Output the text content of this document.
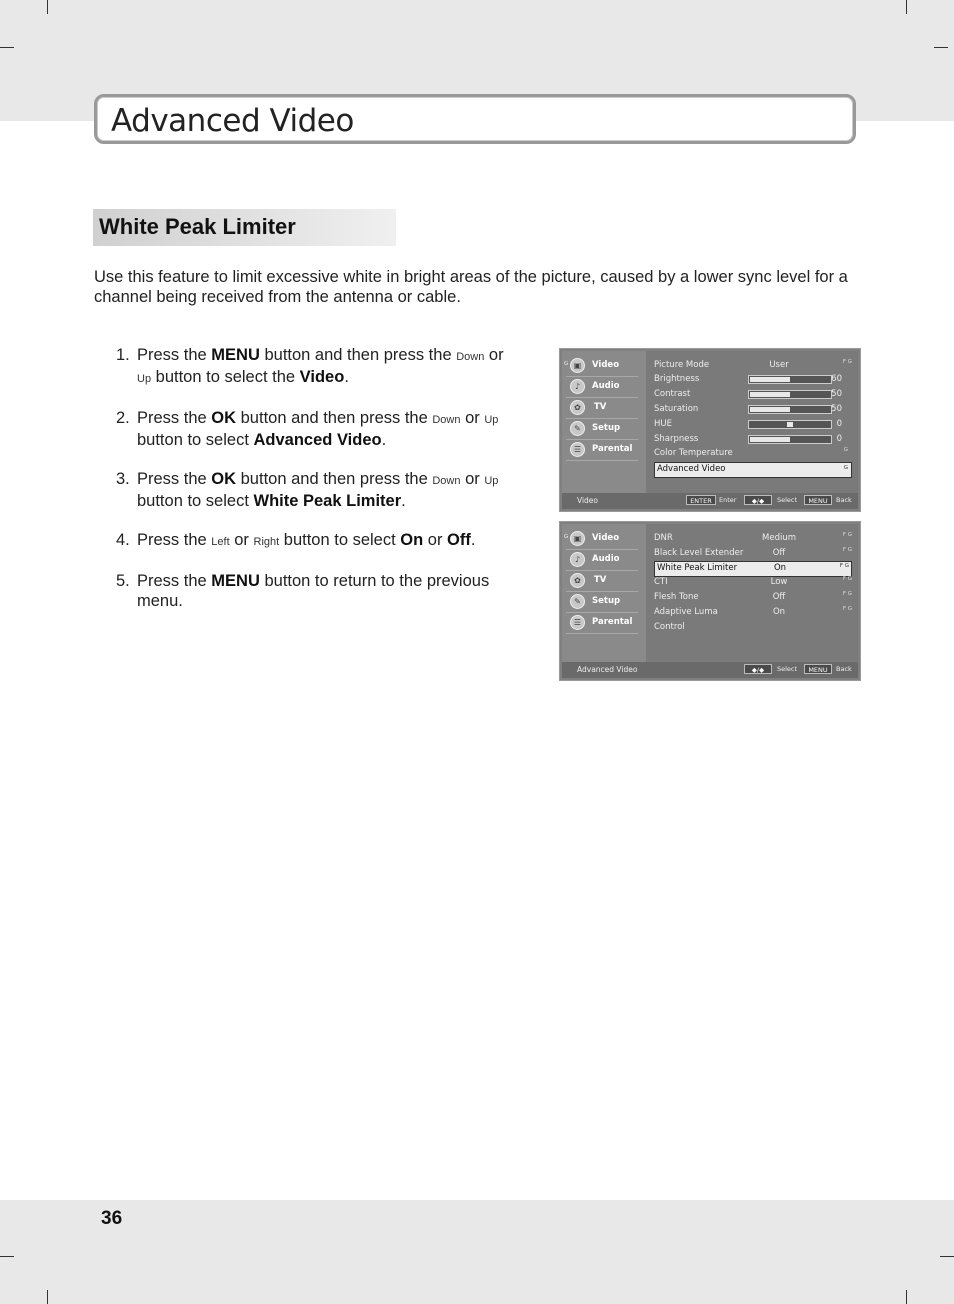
Advanced Video
White Peak Limiter
Use this feature to limit excessive white in bright areas of the picture, caused by a lower sync level for a channel being received from the antenna or cable.
1. Press the MENU button and then press the Down or Up button to select the Video.
2. Press the OK button and then press the Down or Up button to select Advanced Video.
3. Press the OK button and then press the Down or Up button to select White Peak Limiter.
4. Press the Left or Right button to select On or Off.
5. Press the MENU button to return to the previous menu.
G ▣	Video
♪	Audio
✿	TV
✎	Setup
☰	Parental
Picture Mode	User	F G
Brightness	60
Contrast	50
Saturation	50
HUE	0
Sharpness	0
Color Temperature	G
Advanced Video	G
Video	ENTER	Enter	◆/◆	Select	MENU	Back
G ▣	Video
♪	Audio
✿	TV
✎	Setup
☰	Parental
DNR	Medium	F G
Black Level Extender	Off	F G
White Peak Limiter	On	F G
CTI	Low	F G
Flesh Tone	Off	F G
Adaptive Luma	On	F G
Control
Advanced Video	◆/◆	Select	MENU	Back
36
